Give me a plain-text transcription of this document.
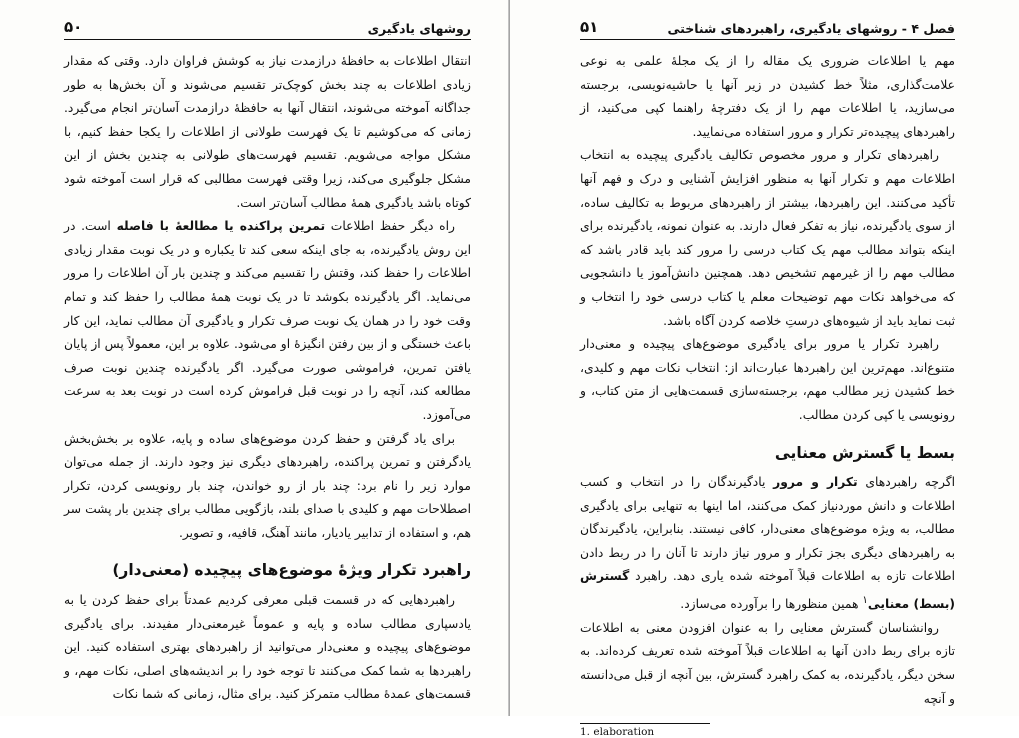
روشهای یادگیری
۵۰

انتقال اطلاعات به حافظهٔ درازمدت نیاز به کوشش فراوان دارد. وقتی که مقدار زیادی اطلاعات به چند بخش کوچک‌تر تقسیم می‌شوند و آن بخش‌ها به طور جداگانه آموخته می‌شوند، انتقال آنها به حافظهٔ درازمدت آسان‌تر انجام می‌گیرد. زمانی که می‌کوشیم تا یک فهرست طولانی از اطلاعات را یکجا حفظ کنیم، با مشکل مواجه می‌شویم. تقسیم فهرست‌های طولانی به چندین بخش از این مشکل جلوگیری می‌کند، زیرا وقتی فهرست مطالبی که قرار است آموخته شود کوتاه باشد یادگیری همهٔ مطالب آسان‌تر است.

راه دیگر حفظ اطلاعات تمرین پراکنده یا مطالعهٔ با فاصله است. در این روش یادگیرنده، به جای اینکه سعی کند تا یکباره و در یک نوبت مقدار زیادی اطلاعات را حفظ کند، وقتش را تقسیم می‌کند و چندین بار آن اطلاعات را مرور می‌نماید. اگر یادگیرنده بکوشد تا در یک نوبت همهٔ مطالب را حفظ کند و تمام وقت خود را در همان یک نوبت صرف تکرار و یادگیری آن مطالب نماید، این کار باعث خستگی و از بین رفتن انگیزهٔ او می‌شود. علاوه بر این، معمولاً پس از پایان یافتن تمرین، فراموشی صورت می‌گیرد. اگر یادگیرنده چندین نوبت صرف مطالعه کند، آنچه را در نوبت قبل فراموش کرده است در نوبت بعد به سرعت می‌آموزد.

برای یاد گرفتن و حفظ کردن موضوع‌های ساده و پایه، علاوه بر بخش‌بخش یادگرفتن و تمرین پراکنده، راهبردهای دیگری نیز وجود دارند. از جمله می‌توان موارد زیر را نام برد: چند بار از رو خواندن، چند بار رونویسی کردن، تکرار اصطلاحات مهم و کلیدی با صدای بلند، بازگویی مطالب برای چندین بار پشت سر هم، و استفاده از تدابیر یادیار، مانند آهنگ، قافیه، و تصویر.

راهبرد تکرار ویژهٔ موضوع‌های پیچیده (معنی‌دار)

راهبردهایی که در قسمت قبلی معرفی کردیم عمدتاً برای حفظ کردن یا به یادسپاری مطالب ساده و پایه و عموماً غیرمعنی‌دار مفیدند. برای یادگیری موضوع‌های پیچیده و معنی‌دار می‌توانید از راهبردهای بهتری استفاده کنید. این راهبردها به شما کمک می‌کنند تا توجه خود را بر اندیشه‌های اصلی، نکات مهم، و قسمت‌های عمدهٔ مطالب متمرکز کنید. برای مثال، زمانی که شما نکات

فصل ۴ - روشهای یادگیری، راهبردهای شناختی
۵۱

مهم یا اطلاعات ضروری یک مقاله را از یک مجلهٔ علمی به نوعی علامت‌گذاری، مثلاً خط کشیدن در زیر آنها یا حاشیه‌نویسی، برجسته می‌سازید، یا اطلاعات مهم را از یک دفترچهٔ راهنما کپی می‌کنید، از راهبردهای پیچیده‌تر تکرار و مرور استفاده می‌نمایید.

راهبردهای تکرار و مرور مخصوص تکالیف یادگیری پیچیده به انتخاب اطلاعات مهم و تکرار آنها به منظور افزایش آشنایی و درک و فهم آنها تأکید می‌کنند. این راهبردها، بیشتر از راهبردهای مربوط به تکالیف ساده، از سوی یادگیرنده، نیاز به تفکر فعال دارند. به عنوان نمونه، یادگیرنده برای اینکه بتواند مطالب مهم یک کتاب درسی را مرور کند باید قادر باشد که مطالب مهم را از غیرمهم تشخیص دهد. همچنین دانش‌آموز یا دانشجویی که می‌خواهد نکات مهم توضیحات معلم یا کتاب درسی خود را انتخاب و ثبت نماید باید از شیوه‌های درستِ خلاصه کردن آگاه باشد.

راهبرد تکرار یا مرور برای یادگیری موضوع‌های پیچیده و معنی‌دار متنوع‌اند. مهم‌ترین این راهبردها عبارت‌اند از: انتخاب نکات مهم و کلیدی، خط کشیدن زیر مطالب مهم، برجسته‌سازی قسمت‌هایی از متن کتاب، و رونویسی یا کپی کردن مطالب.

بسط یا گسترش معنایی

اگرچه راهبردهای تکرار و مرور یادگیرندگان را در انتخاب و کسب اطلاعات و دانش موردنیاز کمک می‌کنند، اما اینها به تنهایی برای یادگیری مطالب، به ویژه موضوع‌های معنی‌دار، کافی نیستند. بنابراین، یادگیرندگان به راهبردهای دیگری بجز تکرار و مرور نیاز دارند تا آنان را در ربط دادن اطلاعات تازه به اطلاعات قبلاً آموخته شده یاری دهد. راهبرد گسترش (بسط) معنایی$^۱$ همین منظورها را برآورده می‌سازد.

روانشناسان گسترش معنایی را به عنوان افزودن معنی به اطلاعات تازه برای ربط دادن آنها به اطلاعات قبلاً آموخته شده تعریف کرده‌اند. به سخن دیگر، یادگیرنده، به کمک راهبرد گسترش، بین آنچه از قبل می‌دانسته و آنچه

1. elaboration
